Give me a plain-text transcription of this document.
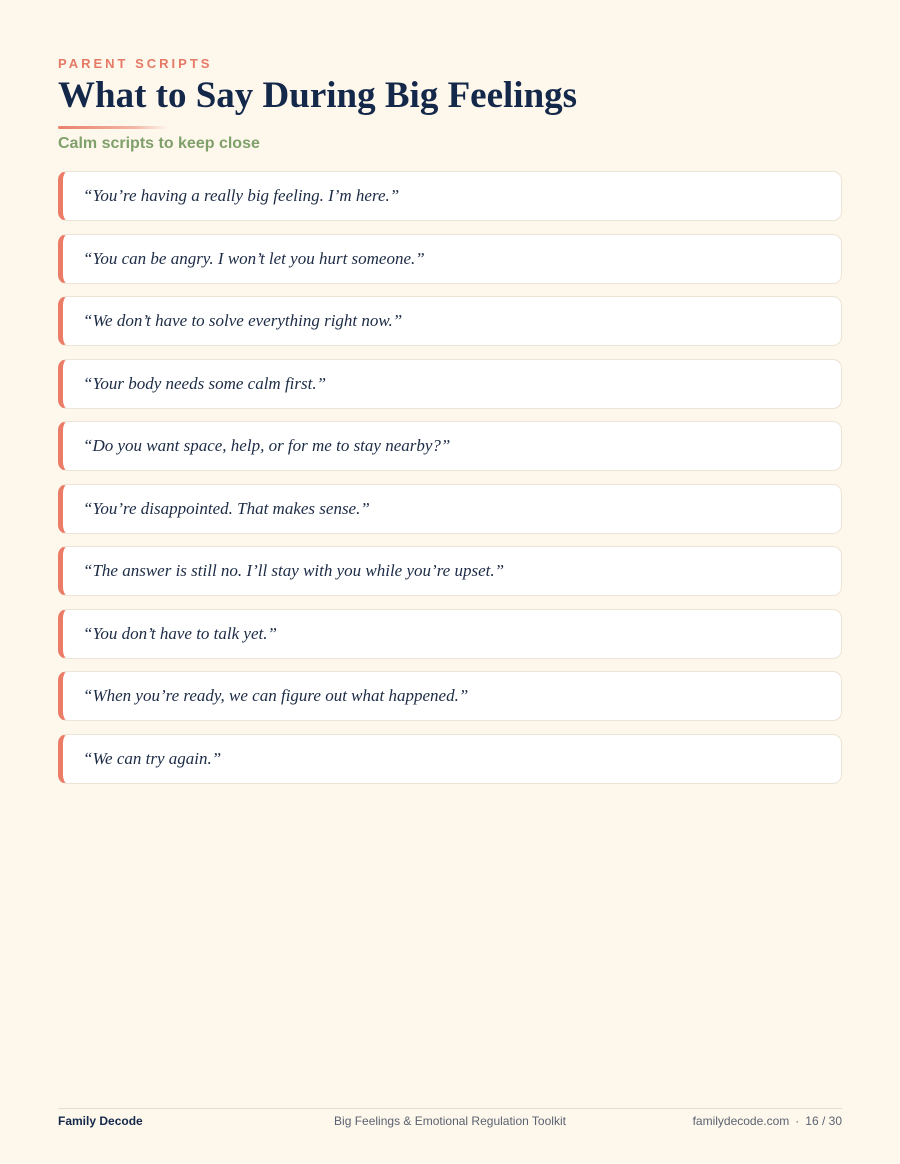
PARENT SCRIPTS
What to Say During Big Feelings
Calm scripts to keep close
“You’re having a really big feeling. I’m here.”
“You can be angry. I won’t let you hurt someone.”
“We don’t have to solve everything right now.”
“Your body needs some calm first.”
“Do you want space, help, or for me to stay nearby?”
“You’re disappointed. That makes sense.”
“The answer is still no. I’ll stay with you while you’re upset.”
“You don’t have to talk yet.”
“When you’re ready, we can figure out what happened.”
“We can try again.”
Family Decode	Big Feelings & Emotional Regulation Toolkit	familydecode.com · 16 / 30
